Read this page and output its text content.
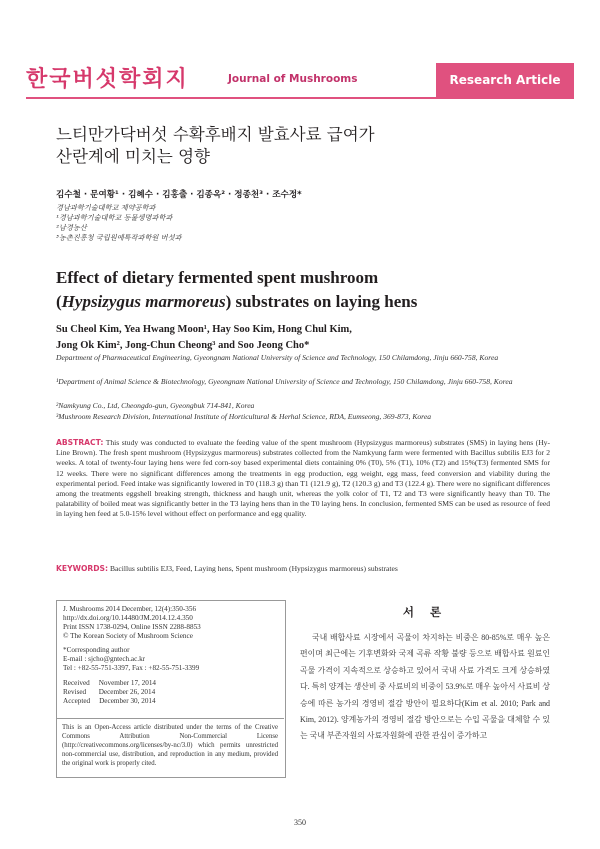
한국버섯학회지	Journal of Mushrooms	Research Article
느티만가닥버섯 수확후배지 발효사료 급여가
산란계에 미치는 영향
김수철 · 문여황¹ · 김혜수 · 김홍출 · 김종옥² · 정종천³ · 조수정*
경남과학기술대학교 제약공학과
¹경남과학기술대학교 동물생명과학과
²남경농산
³농촌진흥청 국립원예특작과학원 버섯과
Effect of dietary fermented spent mushroom
(Hypsizygus marmoreus) substrates on laying hens
Su Cheol Kim, Yea Hwang Moon¹, Hay Soo Kim, Hong Chul Kim,
Jong Ok Kim², Jong-Chun Cheong³ and Soo Jeong Cho*
Department of Pharmaceutical Engineering, Gyeongnam National University of Science and Technology, 150 Chilamdong, Jinju 660-758, Korea
¹Department of Animal Science & Biotechnology, Gyeongnam National University of Science and Technology, 150 Chilamdong, Jinju 660-758, Korea
²Namkyung Co., Ltd, Cheongdo-gun, Gyeongbuk 714-841, Korea
³Mushroom Research Division, International Institute of Horticultural & Herhal Science, RDA, Eumseong, 369-873, Korea
ABSTRACT: This study was conducted to evaluate the feeding value of the spent mushroom (Hypsizygus marmoreus) substrates (SMS) in laying hens (Hy-Line Brown). The fresh spent mushroom (Hypsizygus marmoreus) substrates collected from the Namkyung farm were fermented with Bacillus subtilis EJ3 for 2 weeks. A total of twenty-four laying hens were fed corn-soy based experimental diets containing 0% (T0), 5% (T1), 10% (T2) and 15%(T3) fermented SMS for 12 weeks. There were no significant differences among the treatments in egg production, egg weight, egg mass, feed conversion and viability during the experimental period. Feed intake was significantly lowered in T0 (118.3 g) than T1 (121.9 g), T2 (120.3 g) and T3 (122.4 g). There were no significant differences among the treatments eggshell breaking strength, thickness and haugh unit, whereas the yolk color of T1, T2 and T3 were significantly heavy than T0. The palatability of boiled meat was significantly better in the T3 laying hens than in the T0 laying hens. In conclusion, fermented SMS can be used as resource of feed in laying hen feed at 5.0-15% level without effect on performance and egg quality.
KEYWORDS: Bacillus subtilis EJ3, Feed, Laying hens, Spent mushroom (Hypsizygus marmoreus) substrates
J. Mushrooms 2014 December, 12(4):350-356
http://dx.doi.org/10.14480/JM.2014.12.4.350
Print ISSN 1738-0294, Online ISSN 2288-8853
© The Korean Society of Mushroom Science
*Corresponding author
E-mail : sjcho@gntech.ac.kr
Tel : +82-55-751-3397, Fax : +82-55-751-3399
Received     November 17, 2014
Revised       December 26, 2014
Accepted     December 30, 2014

This is an Open-Access article distributed under the terms of the Creative Commons Attribution Non-Commercial License (http://creativecommons.org/licenses/by-nc/3.0) which permits unrestricted non-commercial use, distribution, and reproduction in any medium, provided the original work is properly cited.

서 론
국내 배합사료 시장에서 곡물이 차지하는 비중은 80-85%로 매우 높은 편이며 최근에는 기후변화와 국제 곡류 작황 불량 등으로 배합사료 원료인 곡물 가격이 지속적으로 상승하고 있어서 국내 사료 가격도 크게 상승하였다. 특히 양계는 생산비 중 사료비의 비중이 53.9%로 매우 높아서 사료비 상승에 따른 농가의 경영비 절감 방안이 필요하다(Kim et al. 2010; Park and Kim, 2012). 양계농가의 경영비 절감 방안으로는 수입 곡물을 대체할 수 있는 국내 부존자원의 사료자원화에 관한 관심이 증가하고
350
